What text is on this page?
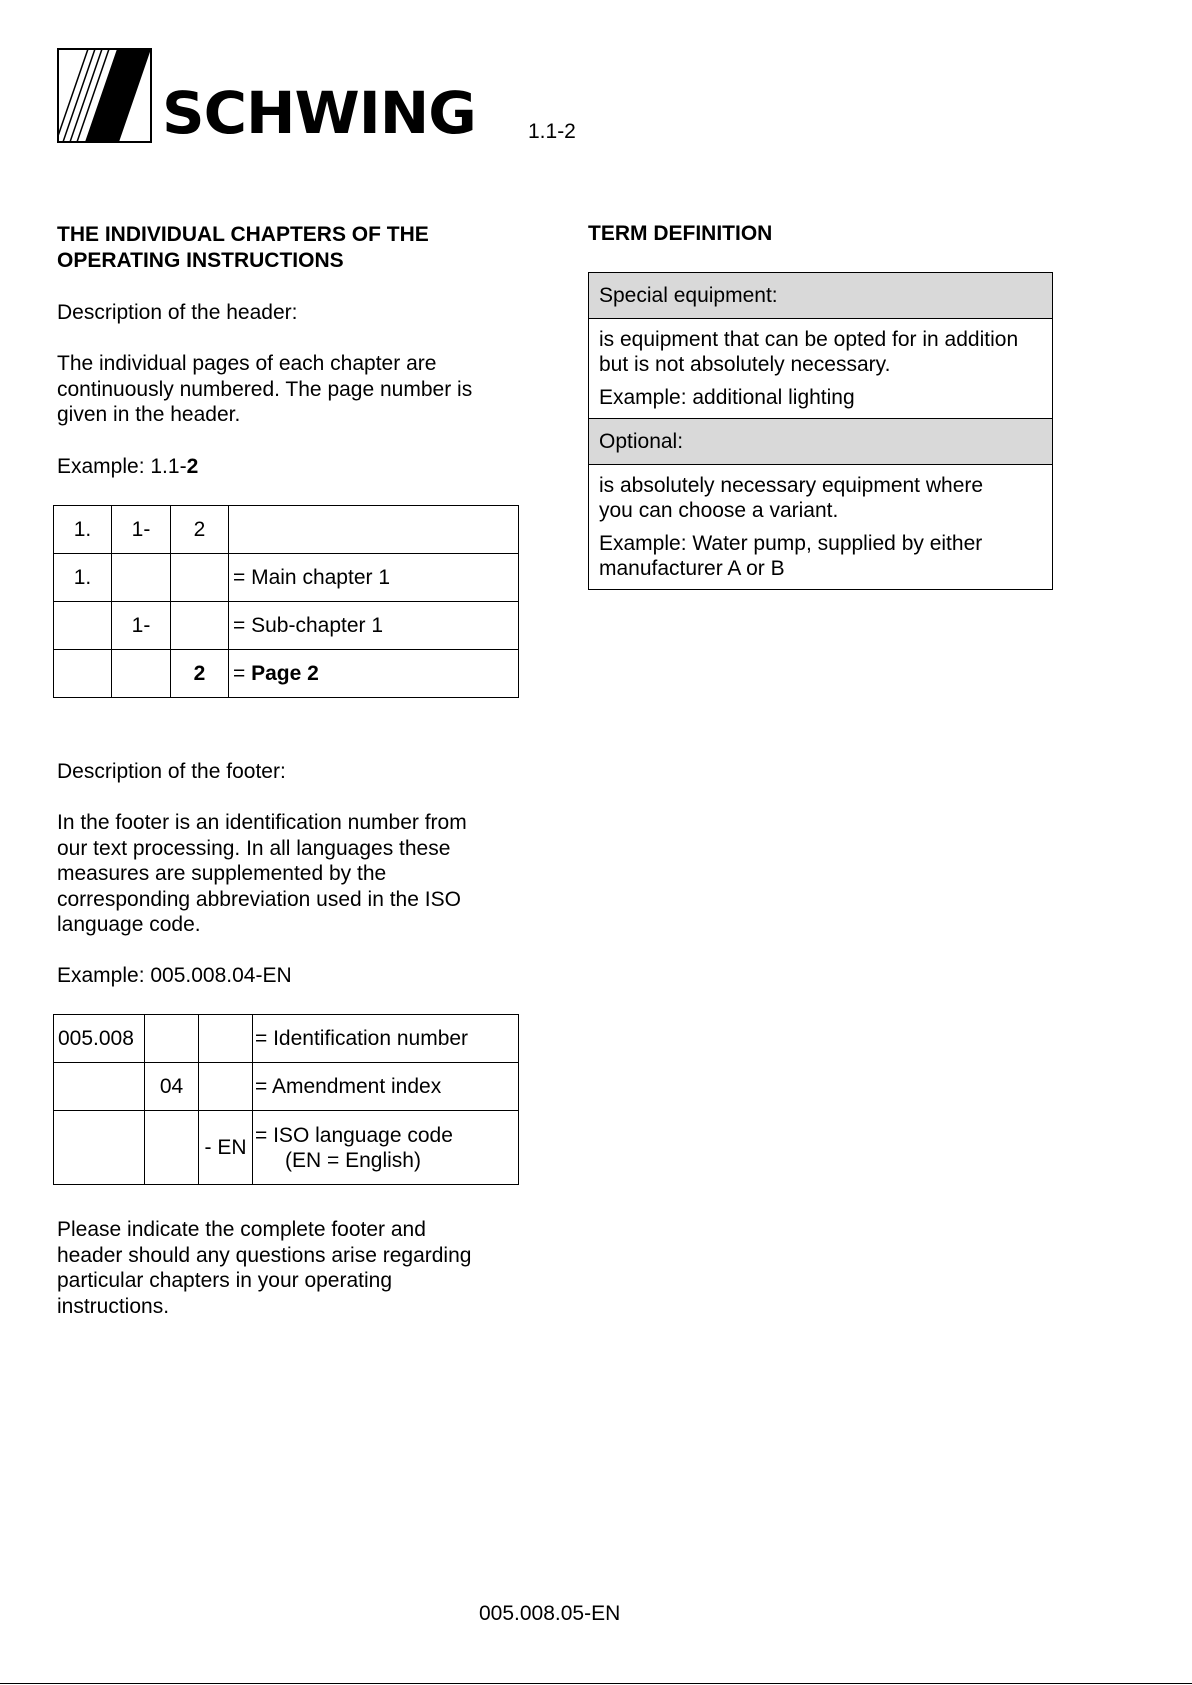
SCHWING 1.1-2
THE INDIVIDUAL CHAPTERS OF THE
OPERATING INSTRUCTIONS
Description of the header:
The individual pages of each chapter are
continuously numbered. The page number is
given in the header.
Example: 1.1-2
1.	1-	2	
1.			= Main chapter 1
	1-		= Sub-chapter 1
		2	= Page 2
Description of the footer:
In the footer is an identification number from
our text processing. In all languages these
measures are supplemented by the
corresponding abbreviation used in the ISO
language code.
Example: 005.008.04-EN
005.008			= Identification number
	04		= Amendment index
		- EN	= ISO language code
(EN = English)
Please indicate the complete footer and
header should any questions arise regarding
particular chapters in your operating
instructions.
TERM DEFINITION
Special equipment:

is equipment that can be opted for in addition
but is not absolutely necessary.

Example: additional lighting

Optional:

is absolutely necessary equipment where
you can choose a variant.

Example: Water pump, supplied by either
manufacturer A or B

005.008.05-EN
